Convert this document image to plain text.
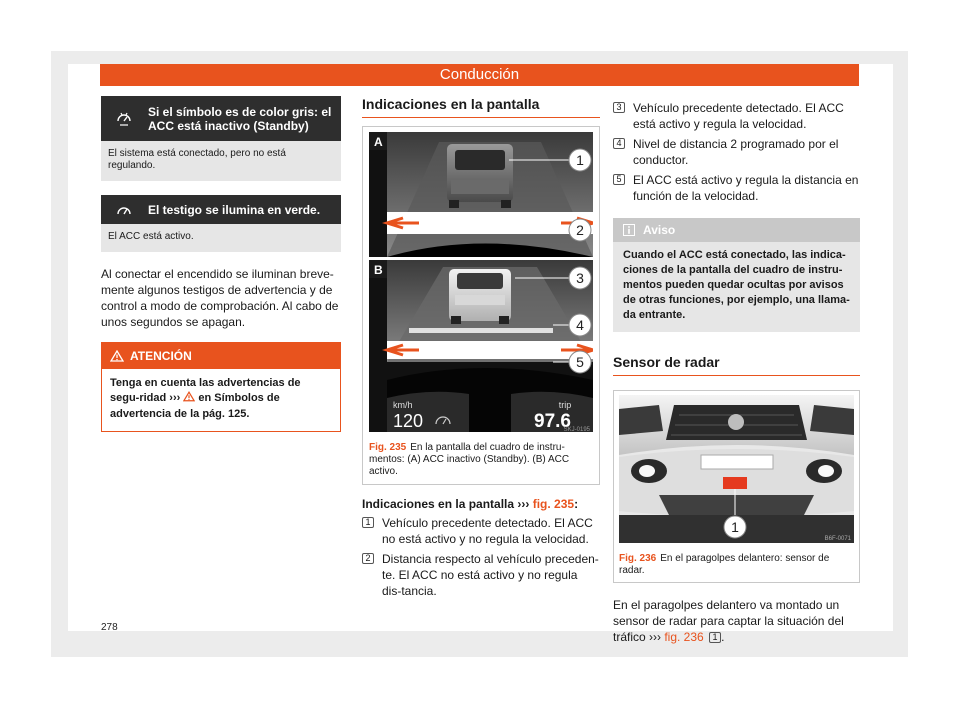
Conducción
Si el símbolo es de color gris: el ACC está inactivo (Standby)
El sistema está conectado, pero no está regulando.
El testigo se ilumina en verde.
El ACC está activo.

Al conectar el encendido se iluminan breve-mente algunos testigos de advertencia y de control a modo de comprobación. Al cabo de unos segundos se apagan.

ATENCIÓN
Tenga en cuenta las advertencias de segu-ridad ››› en Símbolos de advertencia de la pág. 125.
Indicaciones en la pantalla
A
1
2
B	3
4
5
km/h
120
trip
97.6
SKJ-0195
Fig. 235 En la pantalla del cuadro de instru-mentos: (A) ACC inactivo (Standby). (B) ACC activo.
Indicaciones en la pantalla ››› fig. 235:
1 Vehículo precedente detectado. El ACC no está activo y no regula la velocidad.
2 Distancia respecto al vehículo preceden-te. El ACC no está activo y no regula dis-tancia.
3 Vehículo precedente detectado. El ACC está activo y regula la velocidad.
4 Nivel de distancia 2 programado por el conductor.
5 El ACC está activo y regula la distancia en función de la velocidad.
Aviso
Cuando el ACC está conectado, las indica-ciones de la pantalla del cuadro de instru-mentos pueden quedar ocultas por avisos de otras funciones, por ejemplo, una llama-da entrante.
Sensor de radar
1
B6F-0071
Fig. 236 En el paragolpes delantero: sensor de radar.

En el paragolpes delantero va montado un sensor de radar para captar la situación del tráfico ››› fig. 236 1 .

278
